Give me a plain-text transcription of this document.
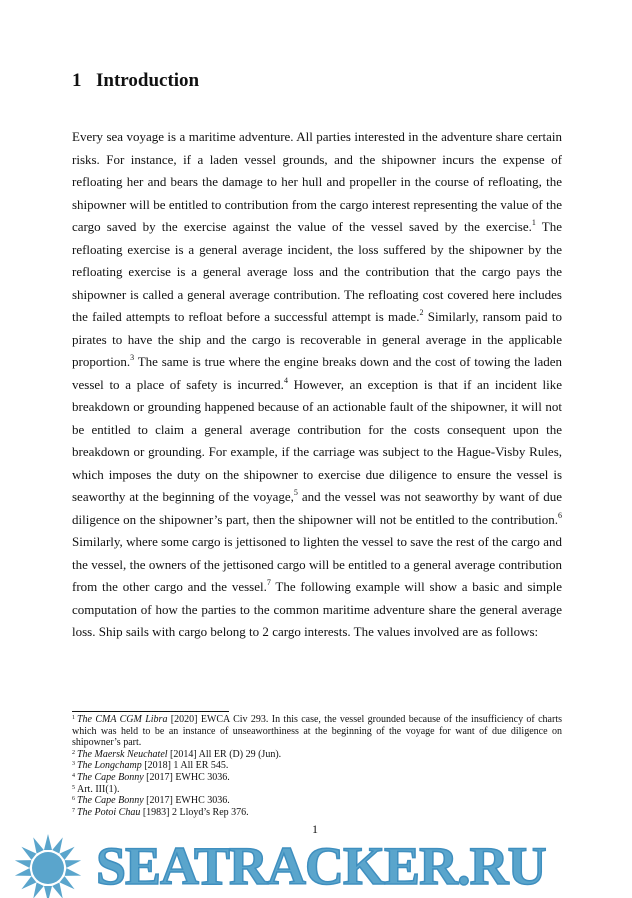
1 Introduction
Every sea voyage is a maritime adventure. All parties interested in the adventure share certain risks. For instance, if a laden vessel grounds, and the shipowner incurs the expense of refloating her and bears the damage to her hull and propeller in the course of refloating, the shipowner will be entitled to contribution from the cargo interest representing the value of the cargo saved by the exercise against the value of the vessel saved by the exercise.$^1$ The refloating exercise is a general average incident, the loss suffered by the shipowner by the refloating exercise is a general average loss and the contribution that the cargo pays the shipowner is called a general average contribution. The refloating cost covered here includes the failed attempts to refloat before a successful attempt is made.$^2$ Similarly, ransom paid to pirates to have the ship and the cargo is recoverable in general average in the applicable proportion.$^3$ The same is true where the engine breaks down and the cost of towing the laden vessel to a place of safety is incurred.$^4$ However, an exception is that if an incident like breakdown or grounding happened because of an actionable fault of the shipowner, it will not be entitled to claim a general average contribution for the costs consequent upon the breakdown or grounding. For example, if the carriage was subject to the Hague-Visby Rules, which imposes the duty on the shipowner to exercise due diligence to ensure the vessel is seaworthy at the beginning of the voyage,$^5$ and the vessel was not seaworthy by want of due diligence on the shipowner’s part, then the shipowner will not be entitled to the contribution.$^6$ Similarly, where some cargo is jettisoned to lighten the vessel to save the rest of the cargo and the vessel, the owners of the jettisoned cargo will be entitled to a general average contribution from the other cargo and the vessel.$^7$ The following example will show a basic and simple computation of how the parties to the common maritime adventure share the general average loss. Ship sails with cargo belong to 2 cargo interests. The values involved are as follows:
$^1$ The CMA CGM Libra [2020] EWCA Civ 293. In this case, the vessel grounded because of the insufficiency of charts which was held to be an instance of unseaworthiness at the beginning of the voyage for want of due diligence on shipowner’s part.
$^2$ The Maersk Neuchatel [2014] All ER (D) 29 (Jun).
$^3$ The Longchamp [2018] 1 All ER 545.
$^4$ The Cape Bonny [2017] EWHC 3036.
$^5$ Art. III(1).
$^6$ The Cape Bonny [2017] EWHC 3036.
$^7$ The Potoi Chau [1983] 2 Lloyd’s Rep 376.
1
SEATRACKER.RU
